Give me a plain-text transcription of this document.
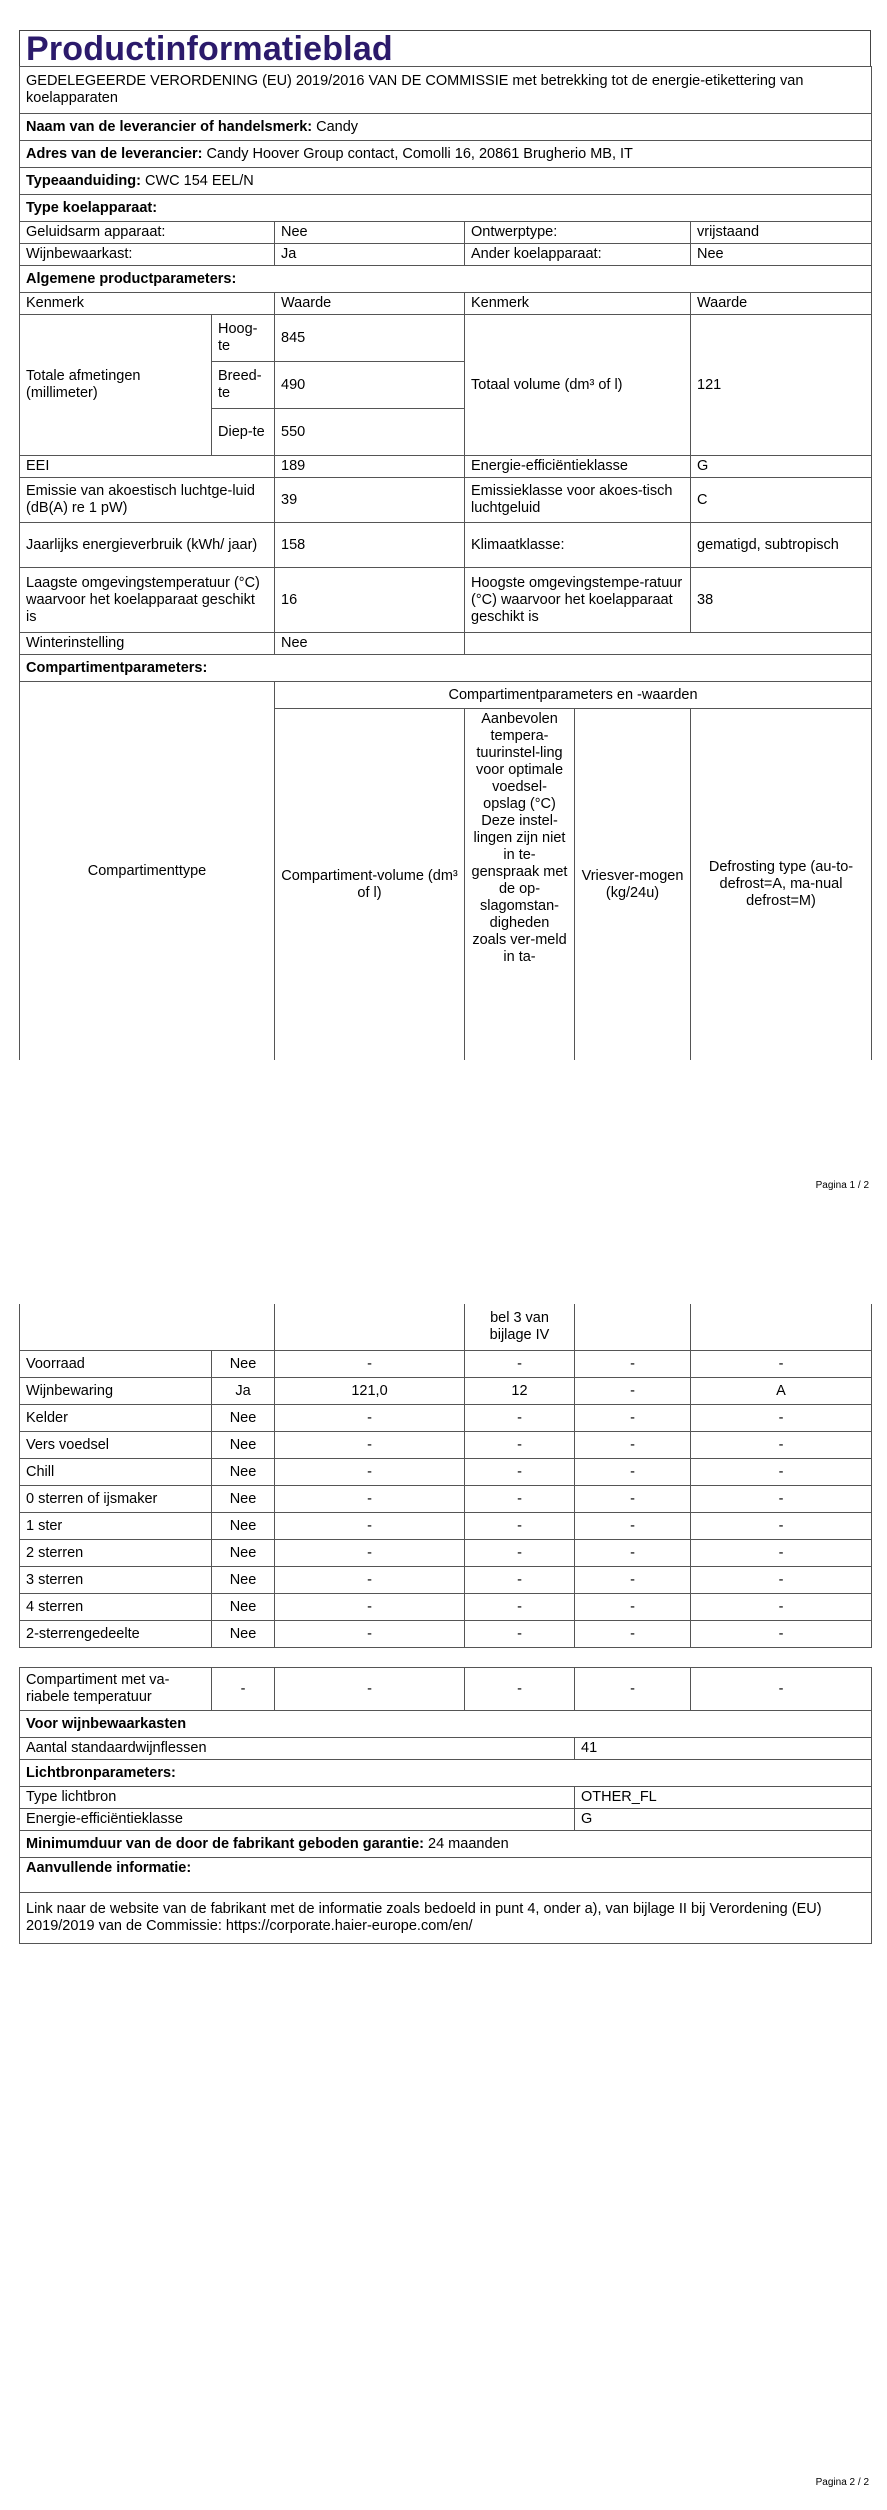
Productinformatieblad
GEDELEGEERDE VERORDENING (EU) 2019/2016 VAN DE COMMISSIE met betrekking tot de energie-etikettering van koelapparaten					
Naam van de leverancier of handelsmerk: Candy					
Adres van de leverancier: Candy Hoover Group contact, Comolli 16, 20861 Brugherio MB, IT					
Typeaanduiding: CWC 154 EEL/N					
Type koelapparaat:					
Geluidsarm apparaat:		Nee	Ontwerptype:		vrijstaand
Wijnbewaarkast:		Ja	Ander koelapparaat:		Nee
Algemene productparameters:					
Kenmerk		Waarde	Kenmerk		Waarde
Totale afmetingen (millimeter)	Hoog-te	845	Totaal volume (dm³ of l)		121
	Breed-te	490			
	Diep-te	550			
EEI		189	Energie-efficiëntieklasse		G
Emissie van akoestisch luchtge-luid (dB(A) re 1 pW)		39	Emissieklasse voor akoes-tisch luchtgeluid		C
Jaarlijks energieverbruik (kWh/ jaar)		158	Klimaatklasse:		gematigd, subtropisch
Laagste omgevingstemperatuur (°C) waarvoor het koelapparaat geschikt is		16	Hoogste omgevingstempe-ratuur (°C) waarvoor het koelapparaat geschikt is		38
Winterinstelling		Nee			
Compartimentparameters:					
Compartimenttype		Compartimentparameters en -waarden			
		Compartiment-volume (dm³ of l)	Aanbevolen tempera-tuurinstel-ling voor optimale voedsel-opslag (°C) Deze instel-lingen zijn niet in te-genspraak met de op-slagomstan-digheden zoals ver-meld in ta-	Vriesver-mogen (kg/24u)	Defrosting type (au-to-defrost=A, ma-nual defrost=M)
Pagina 1 / 2
		bel 3 van bijlage IV		
Voorraad	Nee	-	-	-	-
Wijnbewaring	Ja	121,0	12	-	A
Kelder	Nee	-	-	-	-
Vers voedsel	Nee	-	-	-	-
Chill	Nee	-	-	-	-
0 sterren of ijsmaker	Nee	-	-	-	-
1 ster	Nee	-	-	-	-
2 sterren	Nee	-	-	-	-
3 sterren	Nee	-	-	-	-
4 sterren	Nee	-	-	-	-
2-sterrengedeelte	Nee	-	-	-	-
Compartiment met va-riabele temperatuur	-	-	-	-	-
Voor wijnbewaarkasten					
Aantal standaardwijnflessen				41	
Lichtbronparameters:					
Type lichtbron				OTHER_FL	
Energie-efficiëntieklasse				G	
Minimumduur van de door de fabrikant geboden garantie: 24 maanden					
Aanvullende informatie:					
Link naar de website van de fabrikant met de informatie zoals bedoeld in punt 4, onder a), van bijlage II bij Verordening (EU) 2019/2019 van de Commissie: https://corporate.haier-europe.com/en/					
Pagina 2 / 2
